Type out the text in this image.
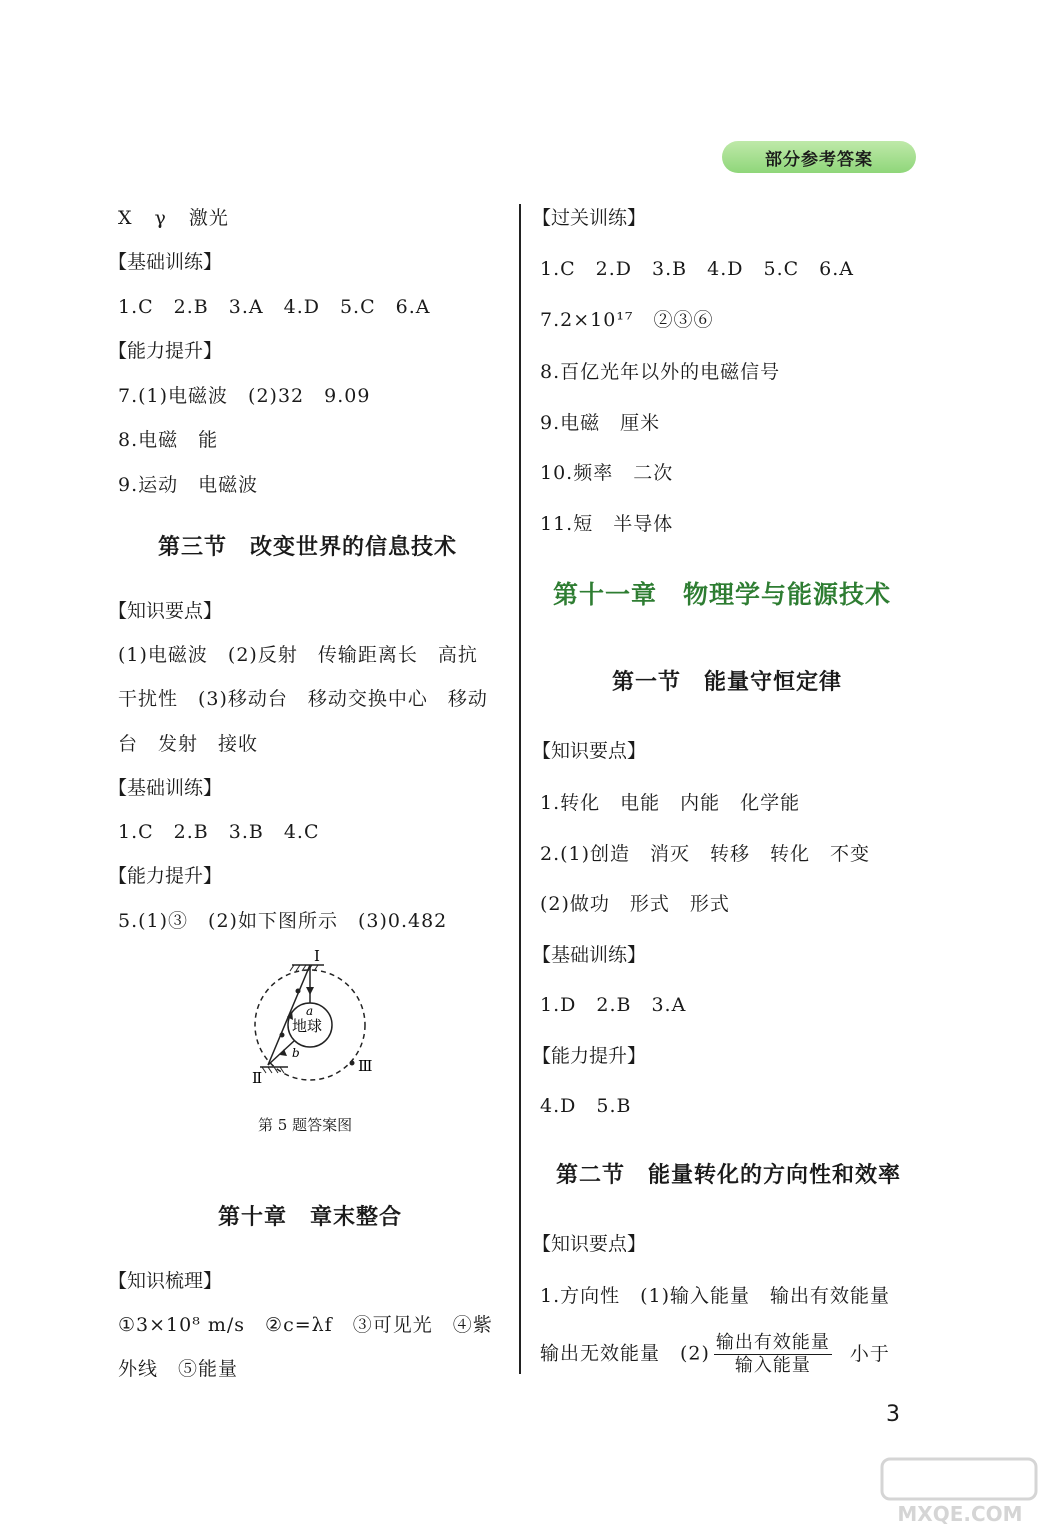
部分参考答案
X γ 激光
【基础训练】
1.C　2.B　3.A　4.D　5.C　6.A
【能力提升】
7.(1)电磁波　(2)32　9.09
8.电磁　能
9.运动　电磁波
第三节　改变世界的信息技术
【知识要点】
(1)电磁波　(2)反射　传输距离长　高抗
干扰性　(3)移动台　移动交换中心　移动
台　发射　接收
【基础训练】
1.C　2.B　3.B　4.C
【能力提升】
5.(1)③　(2)如下图所示　(3)0.482
Ⅰ
Ⅱ
Ⅲ
地球
a
b
第 5 题答案图
第十章　章末整合
【知识梳理】
①3×10⁸ m/s　②c=λf　③可见光　④紫
外线　⑤能量
【过关训练】
1.C　2.D　3.B　4.D　5.C　6.A
7.2×10¹⁷　②③⑥
8.百亿光年以外的电磁信号
9.电磁　厘米
10.频率　二次
11.短　半导体
第十一章　物理学与能源技术
第一节　能量守恒定律
【知识要点】
1.转化　电能　内能　化学能
2.(1)创造　消灭　转移　转化　不变
(2)做功　形式　形式
【基础训练】
1.D　2.B　3.A
【能力提升】
4.D　5.B
第二节　能量转化的方向性和效率
【知识要点】
1.方向性　(1)输入能量　输出有效能量
输出无效能量　$(2) \frac{\text{输出有效能量}}{\text{输入能量}}$ 小于
3
MXQE.COM
